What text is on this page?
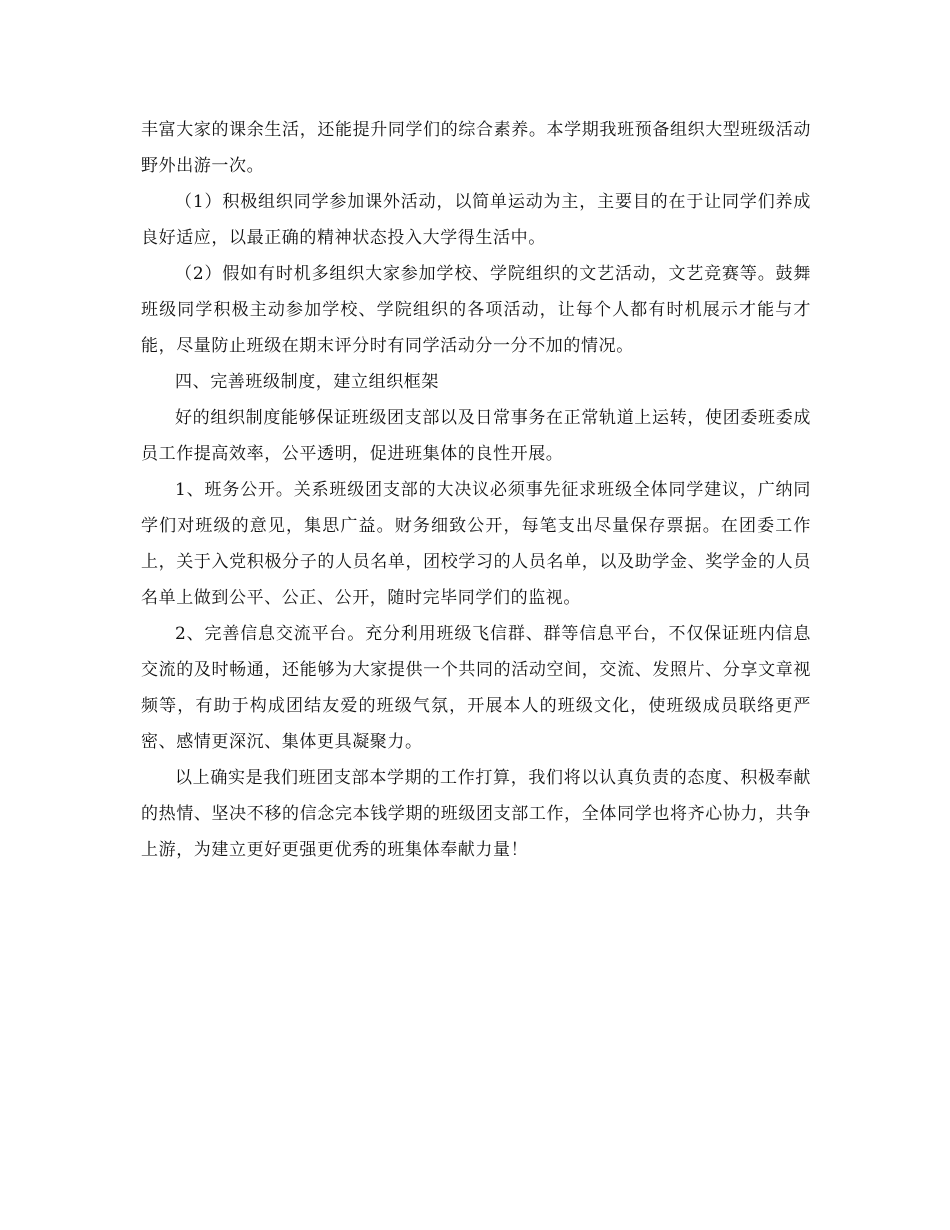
丰富大家的课余生活，还能提升同学们的综合素养。本学期我班预备组织大型班级活动野外出游一次。

（1）积极组织同学参加课外活动，以简单运动为主，主要目的在于让同学们养成良好适应，以最正确的精神状态投入大学得生活中。

（2）假如有时机多组织大家参加学校、学院组织的文艺活动，文艺竞赛等。鼓舞班级同学积极主动参加学校、学院组织的各项活动，让每个人都有时机展示才能与才能，尽量防止班级在期末评分时有同学活动分一分不加的情况。

四、完善班级制度，建立组织框架

好的组织制度能够保证班级团支部以及日常事务在正常轨道上运转，使团委班委成员工作提高效率，公平透明，促进班集体的良性开展。

1、班务公开。关系班级团支部的大决议必须事先征求班级全体同学建议，广纳同学们对班级的意见，集思广益。财务细致公开，每笔支出尽量保存票据。在团委工作上，关于入党积极分子的人员名单，团校学习的人员名单，以及助学金、奖学金的人员名单上做到公平、公正、公开，随时完毕同学们的监视。

2、完善信息交流平台。充分利用班级飞信群、群等信息平台，不仅保证班内信息交流的及时畅通，还能够为大家提供一个共同的活动空间，交流、发照片、分享文章视频等，有助于构成团结友爱的班级气氛，开展本人的班级文化，使班级成员联络更严密、感情更深沉、集体更具凝聚力。

以上确实是我们班团支部本学期的工作打算，我们将以认真负责的态度、积极奉献的热情、坚决不移的信念完本钱学期的班级团支部工作，全体同学也将齐心协力，共争上游，为建立更好更强更优秀的班集体奉献力量！
